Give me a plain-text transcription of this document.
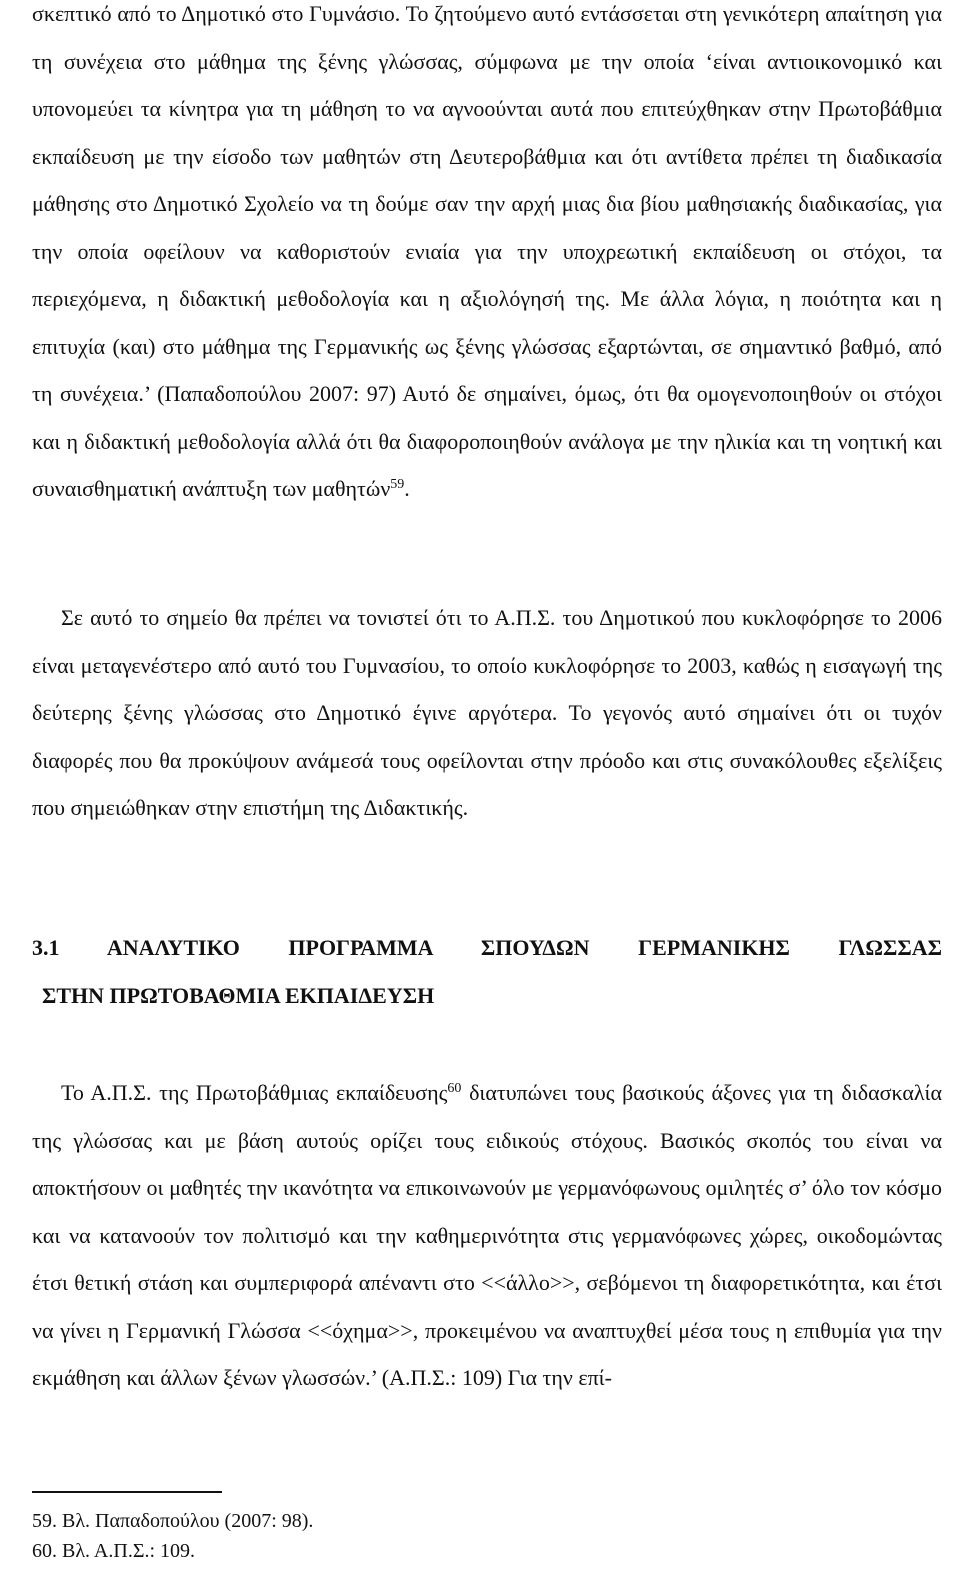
σκεπτικό από το Δημοτικό στο Γυμνάσιο. Το ζητούμενο αυτό εντάσσεται στη γενικότερη απαίτηση για τη συνέχεια στο μάθημα της ξένης γλώσσας, σύμφωνα με την οποία ‘είναι αντιοικονομικό και υπονομεύει τα κίνητρα για τη μάθηση το να αγνοούνται αυτά που επιτεύχθηκαν στην Πρωτοβάθμια εκπαίδευση με την είσοδο των μαθητών στη Δευτεροβάθμια και ότι αντίθετα πρέπει τη διαδικασία μάθησης στο Δημοτικό Σχολείο να τη δούμε σαν την αρχή μιας δια βίου μαθησιακής διαδικασίας, για την οποία οφείλουν να καθοριστούν ενιαία για την υποχρεωτική εκπαίδευση οι στόχοι, τα περιεχόμενα, η διδακτική μεθοδολογία και η αξιολόγησή της. Με άλλα λόγια, η ποιότητα και η επιτυχία (και) στο μάθημα της Γερμανικής ως ξένης γλώσσας εξαρτώνται, σε σημαντικό βαθμό, από τη συνέχεια.’ (Παπαδοπούλου 2007: 97) Αυτό δε σημαίνει, όμως, ότι θα ομογενοποιηθούν οι στόχοι και η διδακτική μεθοδολογία αλλά ότι θα διαφοροποιηθούν ανάλογα με την ηλικία και τη νοητική και συναισθηματική ανάπτυξη των μαθητών$^{59}$.

Σε αυτό το σημείο θα πρέπει να τονιστεί ότι το Α.Π.Σ. του Δημοτικού που κυκλοφόρησε το 2006 είναι μεταγενέστερο από αυτό του Γυμνασίου, το οποίο κυκλοφόρησε το 2003, καθώς η εισαγωγή της δεύτερης ξένης γλώσσας στο Δημοτικό έγινε αργότερα. Το γεγονός αυτό σημαίνει ότι οι τυχόν διαφορές που θα προκύψουν ανάμεσά τους οφείλονται στην πρόοδο και στις συνακόλουθες εξελίξεις που σημειώθηκαν στην επιστήμη της Διδακτικής.

3.1 ΑΝΑΛΥΤΙΚΟ ΠΡΟΓΡΑΜΜΑ ΣΠΟΥΔΩΝ ΓΕΡΜΑΝΙΚΗΣ ΓΛΩΣΣΑΣ
ΣΤΗΝ ΠΡΩΤΟΒΑΘΜΙΑ ΕΚΠΑΙΔΕΥΣΗ

Το Α.Π.Σ. της Πρωτοβάθμιας εκπαίδευσης$^{60}$ διατυπώνει τους βασικούς άξονες για τη διδασκαλία της γλώσσας και με βάση αυτούς ορίζει τους ειδικούς στόχους. Βασικός σκοπός του είναι να αποκτήσουν οι μαθητές την ικανότητα να επικοινωνούν με γερμανόφωνους ομιλητές σ’ όλο τον κόσμο και να κατανοούν τον πολιτισμό και την καθημερινότητα στις γερμανόφωνες χώρες, οικοδομώντας έτσι θετική στάση και συμπεριφορά απέναντι στο <<άλλο>>, σεβόμενοι τη διαφορετικότητα, και έτσι να γίνει η Γερμανική Γλώσσα <<όχημα>>, προκειμένου να αναπτυχθεί μέσα τους η επιθυμία για την εκμάθηση και άλλων ξένων γλωσσών.’ (Α.Π.Σ.: 109) Για την επί-

59. Βλ. Παπαδοπούλου (2007: 98).
60. Βλ. Α.Π.Σ.: 109.
